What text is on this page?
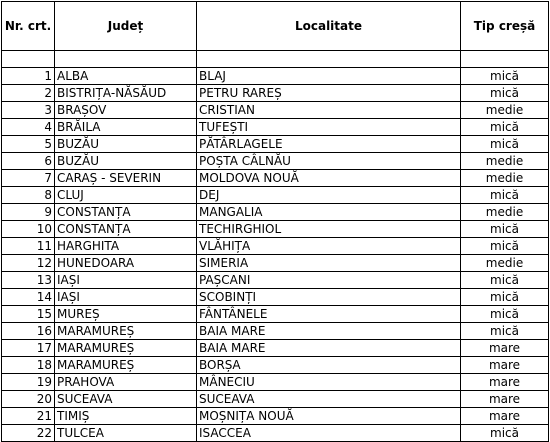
Nr. crt.	Județ	Localitate	Tip creșă

1	ALBA	BLAJ	mică
2	BISTRIȚA-NĂSĂUD	PETRU RAREȘ	mică
3	BRAȘOV	CRISTIAN	medie
4	BRĂILA	TUFEȘTI	mică
5	BUZĂU	PĂTÂRLAGELE	mică
6	BUZĂU	POȘTA CÂLNĂU	medie
7	CARAȘ - SEVERIN	MOLDOVA NOUĂ	medie
8	CLUJ	DEJ	mică
9	CONSTANȚA	MANGALIA	medie
10	CONSTANȚA	TECHIRGHIOL	mică
11	HARGHITA	VLĂHIȚA	mică
12	HUNEDOARA	SIMERIA	medie
13	IAȘI	PAȘCANI	mică
14	IAȘI	SCOBINȚI	mică
15	MUREȘ	FÂNTÂNELE	mică
16	MARAMUREȘ	BAIA MARE	mică
17	MARAMUREȘ	BAIA MARE	mare
18	MARAMUREȘ	BORȘA	mare
19	PRAHOVA	MÂNECIU	mare
20	SUCEAVA	SUCEAVA	mare
21	TIMIȘ	MOȘNIȚA NOUĂ	mare
22	TULCEA	ISACCEA	mică
